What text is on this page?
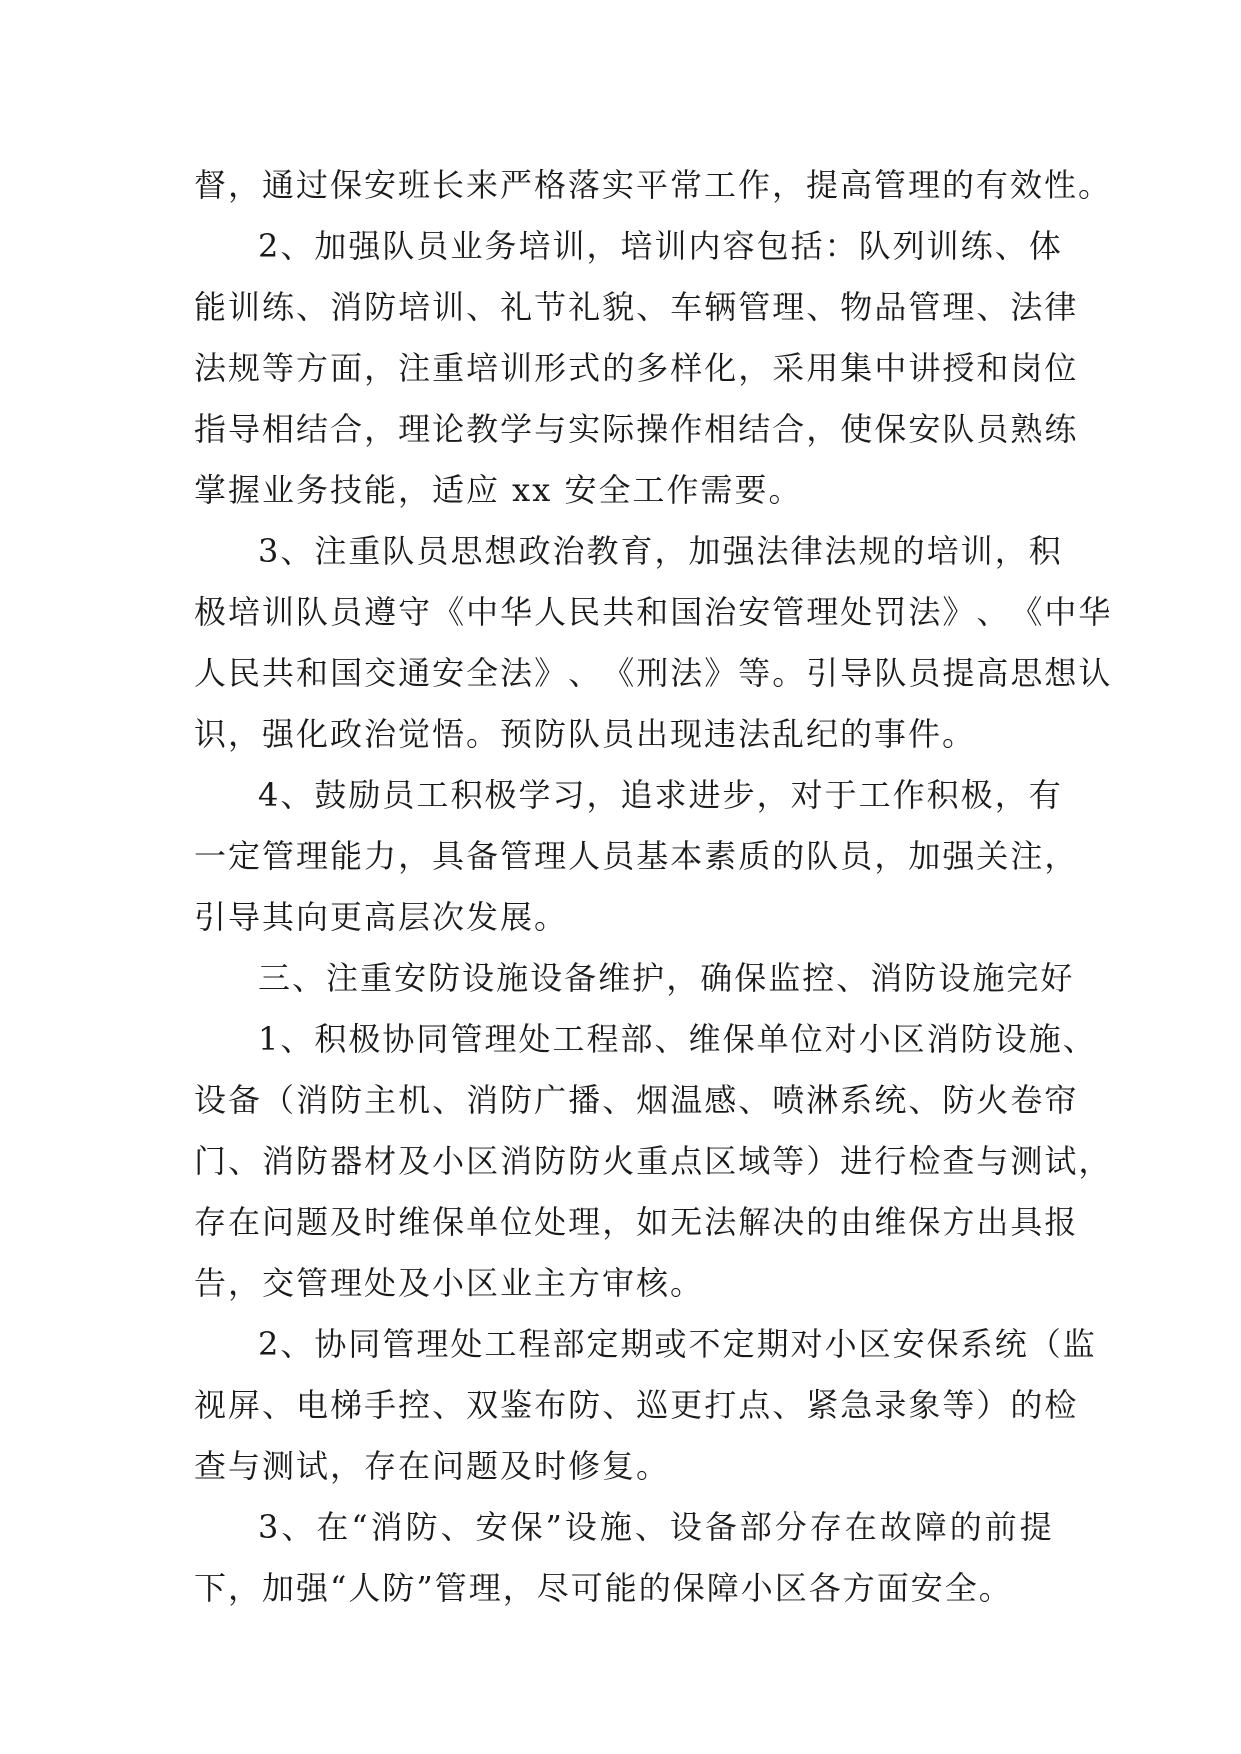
督，通过保安班长来严格落实平常工作，提高管理的有效性。
2 、 加 强 队 员 业 务 培 训 ， 培 训 内 容 包 括 ： 队 列 训 练 、 体
能 训 练 、 消 防 培 训 、 礼 节 礼 貌 、 车 辆 管 理 、 物 品 管 理 、 法 律
法 规 等 方 面 ， 注 重 培 训 形 式 的 多 样 化 ， 采 用 集 中 讲 授 和 岗 位
指 导 相 结 合 ， 理 论 教 学 与 实 际 操 作 相 结 合 ， 使 保 安 队 员 熟 练
掌握业务技能，适应 xx 安全工作需要。
3 、 注 重 队 员 思 想 政 治 教 育 ， 加 强 法 律 法 规 的 培 训 ， 积
极 培 训 队 员 遵 守 《 中 华 人 民 共 和 国 治 安 管 理 处 罚 法 》 、 《 中 华
人 民 共 和 国 交 通 安 全 法 》 、 《 刑 法 》 等 。 引 导 队 员 提 高 思 想 认
识，强化政治觉悟。预防队员出现违法乱纪的事件。
4 、 鼓 励 员 工 积 极 学 习 ， 追 求 进 步 ， 对 于 工 作 积 极 ， 有
一 定 管 理 能 力 ， 具 备 管 理 人 员 基 本 素 质 的 队 员 ， 加 强 关 注 ，
引导其向更高层次发展。
三 、 注 重 安 防 设 施 设 备 维 护 ， 确 保 监 控 、 消 防 设 施 完 好
1 、 积 极 协 同 管 理 处 工 程 部 、 维 保 单 位 对 小 区 消 防 设 施 、
设 备 （ 消 防 主 机 、 消 防 广 播 、 烟 温 感 、 喷 淋 系 统 、 防 火 卷 帘
门 、 消 防 器 材 及 小 区 消 防 防 火 重 点 区 域 等 ） 进 行 检 查 与 测 试 ，
存 在 问 题 及 时 维 保 单 位 处 理 ， 如 无 法 解 决 的 由 维 保 方 出 具 报
告，交管理处及小区业主方审核。
2 、 协 同 管 理 处 工 程 部 定 期 或 不 定 期 对 小 区 安 保 系 统 （ 监
视 屏 、 电 梯 手 控 、 双 鉴 布 防 、 巡 更 打 点 、 紧 急 录 象 等 ） 的 检
查与测试，存在问题及时修复。
3 、 在 “ 消 防 、 安 保 ” 设 施 、 设 备 部 分 存 在 故 障 的 前 提
下，加强“人防”管理，尽可能的保障小区各方面安全。
